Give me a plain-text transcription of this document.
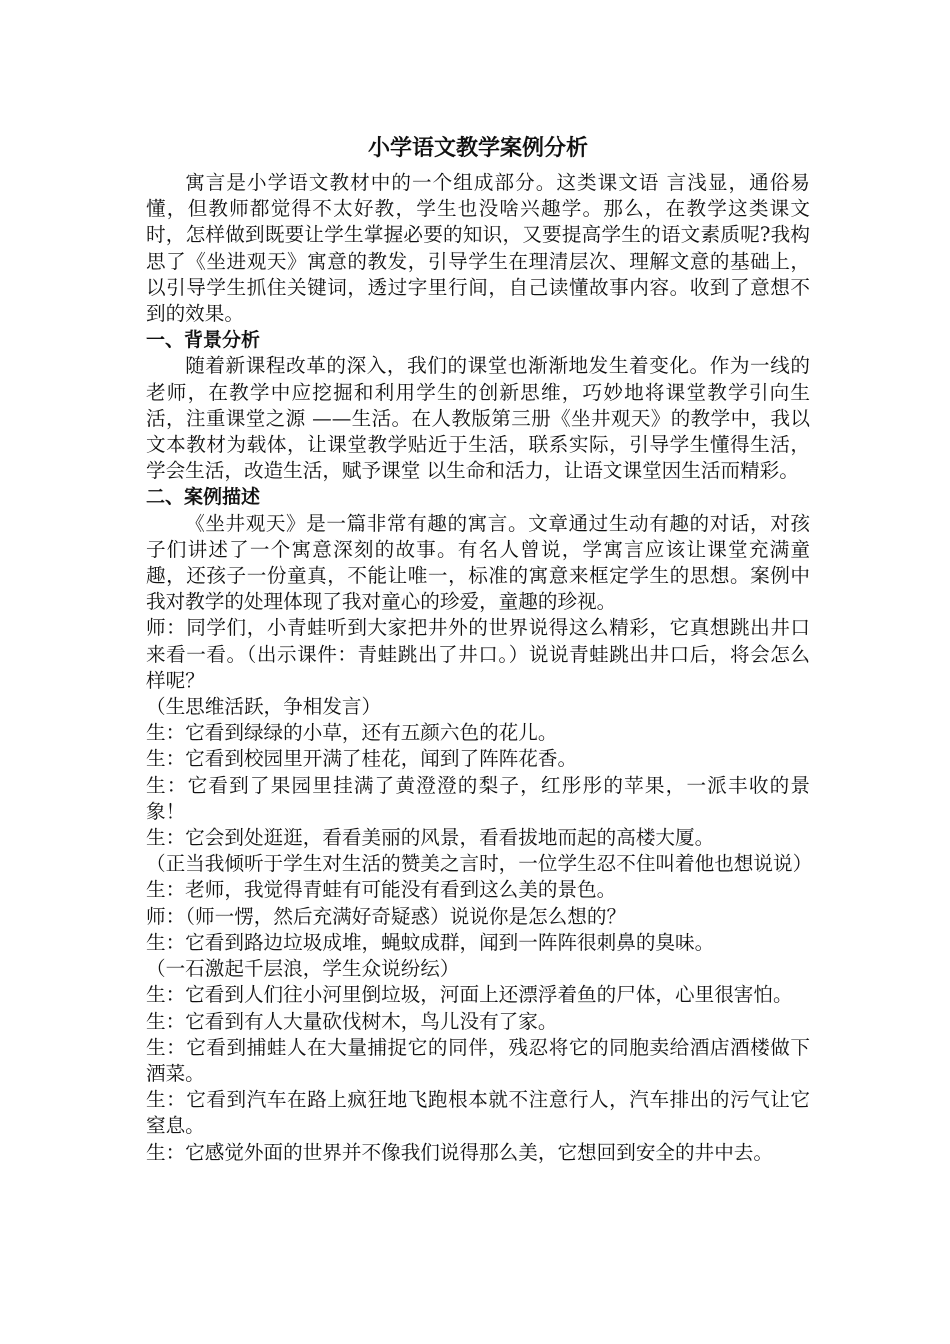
小学语文教学案例分析

寓言是小学语文教材中的一个组成部分。这类课文语 言浅显，通俗易懂，但教师都觉得不太好教，学生也没啥兴趣学。那么，在教学这类课文时，怎样做到既要让学生掌握必要的知识，又要提高学生的语文素质呢?我构思了《坐进观天》寓意的教发，引导学生在理清层次、理解文意的基础上，以引导学生抓住关键词，透过字里行间，自己读懂故事内容。收到了意想不到的效果。

一、背景分析

随着新课程改革的深入，我们的课堂也渐渐地发生着变化。作为一线的老师，在教学中应挖掘和利用学生的创新思维，巧妙地将课堂教学引向生活，注重课堂之源 ——生活。在人教版第三册《坐井观天》的教学中，我以文本教材为载体，让课堂教学贴近于生活，联系实际，引导学生懂得生活，学会生活，改造生活，赋予课堂 以生命和活力，让语文课堂因生活而精彩。

二、案例描述

《坐井观天》是一篇非常有趣的寓言。文章通过生动有趣的对话，对孩子们讲述了一个寓意深刻的故事。有名人曾说，学寓言应该让课堂充满童趣，还孩子一份童真，不能让唯一，标准的寓意来框定学生的思想。案例中我对教学的处理体现了我对童心的珍爱，童趣的珍视。

师：同学们，小青蛙听到大家把井外的世界说得这么精彩，它真想跳出井口来看一看。（出示课件：青蛙跳出了井口。）说说青蛙跳出井口后，将会怎么样呢？

（生思维活跃，争相发言）

生：它看到绿绿的小草，还有五颜六色的花儿。

生：它看到校园里开满了桂花，闻到了阵阵花香。

生：它看到了果园里挂满了黄澄澄的梨子，红彤彤的苹果，一派丰收的景象！

生：它会到处逛逛，看看美丽的风景，看看拔地而起的高楼大厦。

（正当我倾听于学生对生活的赞美之言时，一位学生忍不住叫着他也想说说）

生：老师，我觉得青蛙有可能没有看到这么美的景色。

师：（师一愣，然后充满好奇疑惑）说说你是怎么想的？

生：它看到路边垃圾成堆，蝇蚊成群，闻到一阵阵很刺鼻的臭味。

（一石激起千层浪，学生众说纷纭）

生：它看到人们往小河里倒垃圾，河面上还漂浮着鱼的尸体，心里很害怕。

生：它看到有人大量砍伐树木，鸟儿没有了家。

生：它看到捕蛙人在大量捕捉它的同伴，残忍将它的同胞卖给酒店酒楼做下酒菜。

生：它看到汽车在路上疯狂地飞跑根本就不注意行人，汽车排出的污气让它窒息。

生：它感觉外面的世界并不像我们说得那么美，它想回到安全的井中去。
